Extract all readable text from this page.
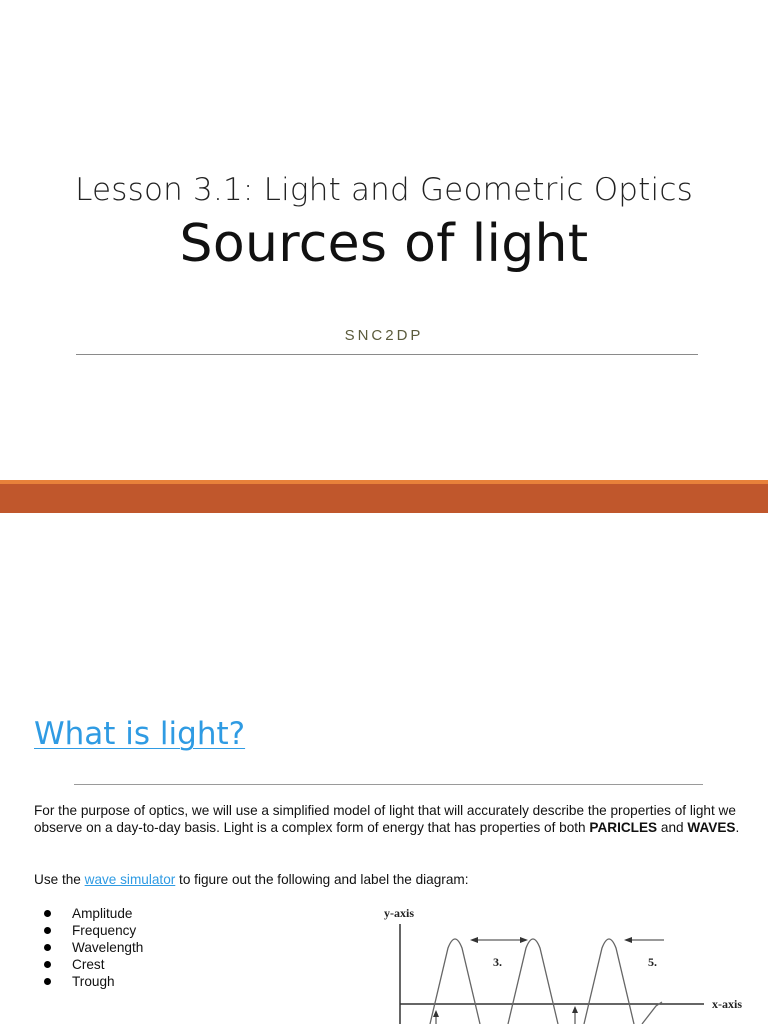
Lesson 3.1: Light and Geometric Optics
Sources of light
SNC2DP
What is light?
For the purpose of optics, we will use a simplified model of light that will accurately describe the properties of light we observe on a day-to-day basis. Light is a complex form of energy that has properties of both PARICLES and WAVES.
Use the wave simulator to figure out the following and label the diagram:
Amplitude
Frequency
Wavelength
Crest
Trough
y-axis
x-axis
3.	5.
